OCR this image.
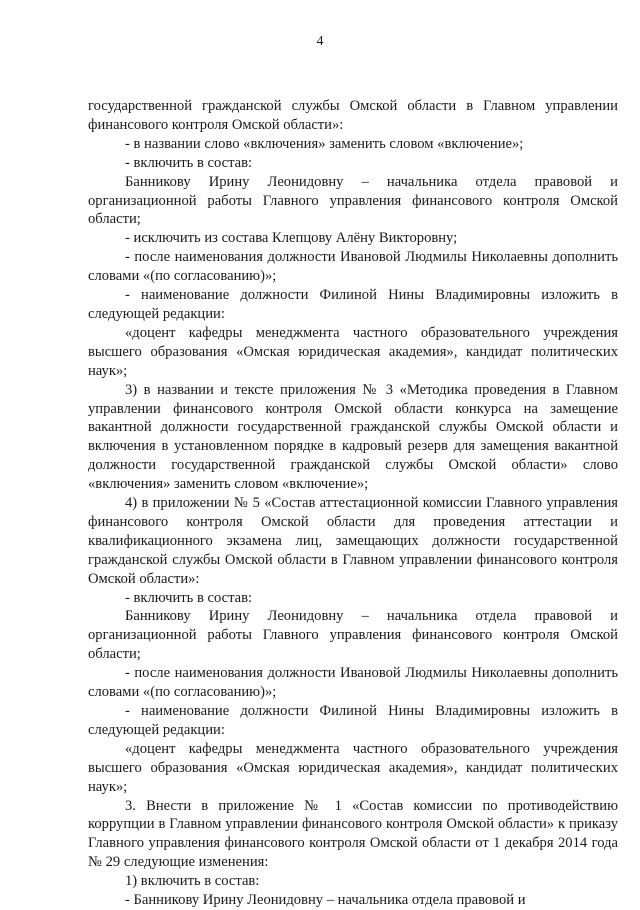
4

государственной гражданской службы Омской области в Главном управлении финансового контроля Омской области»:

- в названии слово «включения» заменить словом «включение»;

- включить в состав:

Банникову Ирину Леонидовну – начальника отдела правовой и организационной работы Главного управления финансового контроля Омской области;

- исключить из состава Клепцову Алёну Викторовну;

- после наименования должности Ивановой Людмилы Николаевны дополнить словами «(по согласованию)»;

- наименование должности Филиной Нины Владимировны изложить в следующей редакции:

«доцент кафедры менеджмента частного образовательного учреждения высшего образования «Омская юридическая академия», кандидат политических наук»;

3) в названии и тексте приложения № 3 «Методика проведения в Главном управлении финансового контроля Омской области конкурса на замещение вакантной должности государственной гражданской службы Омской области и включения в установленном порядке в кадровый резерв для замещения вакантной должности государственной гражданской службы Омской области» слово «включения» заменить словом «включение»;

4) в приложении № 5 «Состав аттестационной комиссии Главного управления финансового контроля Омской области для проведения аттестации и квалификационного экзамена лиц, замещающих должности государственной гражданской службы Омской области в Главном управлении финансового контроля Омской области»:

- включить в состав:

Банникову Ирину Леонидовну – начальника отдела правовой и организационной работы Главного управления финансового контроля Омской области;

- после наименования должности Ивановой Людмилы Николаевны дополнить словами «(по согласованию)»;

- наименование должности Филиной Нины Владимировны изложить в следующей редакции:

«доцент кафедры менеджмента частного образовательного учреждения высшего образования «Омская юридическая академия», кандидат политических наук»;

3. Внести в приложение № 1 «Состав комиссии по противодействию коррупции в Главном управлении финансового контроля Омской области» к приказу Главного управления финансового контроля Омской области от 1 декабря 2014 года № 29 следующие изменения:

1) включить в состав:

- Банникову Ирину Леонидовну – начальника отдела правовой и
